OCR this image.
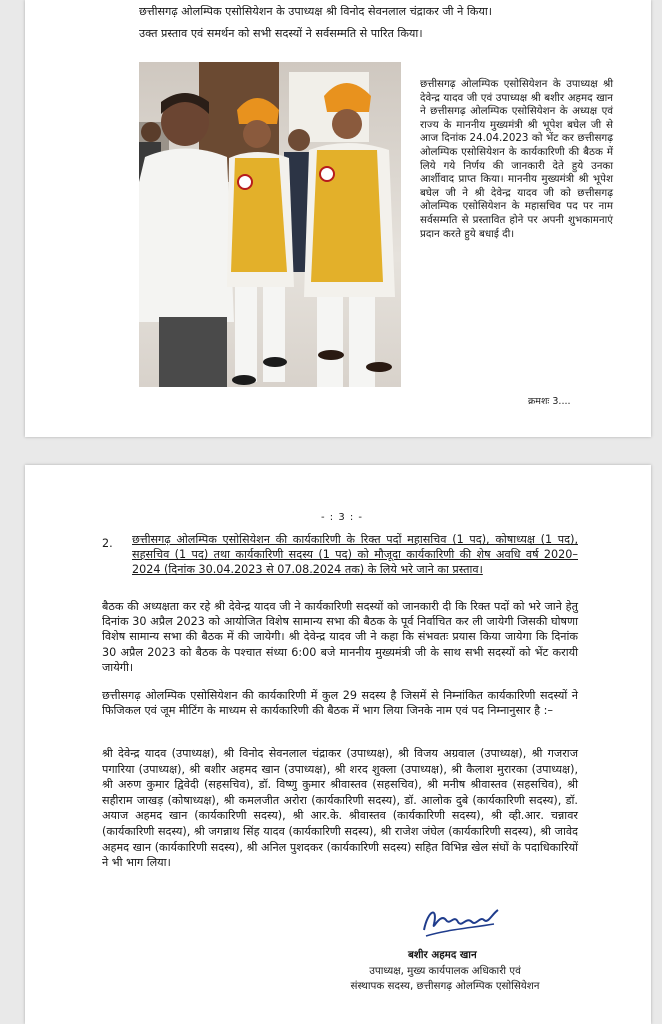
छत्तीसगढ़ ओलम्पिक एसोसियेशन के उपाध्यक्ष श्री विनोद सेवनलाल चंद्राकर जी ने किया।
उक्त प्रस्ताव एवं समर्थन को सभी सदस्यों ने सर्वसम्मति से पारित किया।
छत्तीसगढ़ ओलम्पिक एसोसियेशन के उपाध्यक्ष श्री देवेन्द्र यादव जी एवं उपाध्यक्ष श्री बशीर अहमद खान ने छत्तीसगढ़ ओलम्पिक एसोसियेशन के अध्यक्ष एवं राज्य के माननीय मुख्यमंत्री श्री भूपेश बघेल जी से आज दिनांक 24.04.2023 को भेंट कर छत्तीसगढ़ ओलम्पिक एसोसियेशन के कार्यकारिणी की बैठक में लिये गये निर्णय की जानकारी देते हुये उनका आर्शीवाद प्राप्त किया। माननीय मुख्यमंत्री श्री भूपेश बघेल जी ने श्री देवेन्द्र यादव जी को छत्तीसगढ़ ओलम्पिक एसोसियेशन के महासचिव पद पर नाम सर्वसम्मति से प्रस्तावित होने पर अपनी शुभकामनाएं प्रदान करते हुये बधाई दी।
क्रमशः 3....
- : 3 : -
2. छत्तीसगढ़ ओलम्पिक एसोसियेशन की कार्यकारिणी के रिक्त पदों महासचिव (1 पद), कोषाध्यक्ष (1 पद), सहसचिव (1 पद) तथा कार्यकारिणी सदस्य (1 पद) को मौजूदा कार्यकारिणी की शेष अवधि वर्ष 2020–2024 (दिनांक 30.04.2023 से 07.08.2024 तक) के लिये भरे जाने का प्रस्ताव।
बैठक की अध्यक्षता कर रहे श्री देवेन्द्र यादव जी ने कार्यकारिणी सदस्यों को जानकारी दी कि रिक्त पदों को भरे जाने हेतु दिनांक 30 अप्रैल 2023 को आयोजित विशेष सामान्य सभा की बैठक के पूर्व निर्वाचित कर ली जायेगी जिसकी घोषणा विशेष सामान्य सभा की बैठक में की जायेगी। श्री देवेन्द्र यादव जी ने कहा कि संभवतः प्रयास किया जायेगा कि दिनांक 30 अप्रैल 2023 को बैठक के पश्चात संध्या 6:00 बजे माननीय मुख्यमंत्री जी के साथ सभी सदस्यों को भेंट करायी जायेगी।
छत्तीसगढ़ ओलम्पिक एसोसियेशन की कार्यकारिणी में कुल 29 सदस्य है जिसमें से निम्नांकित कार्यकारिणी सदस्यों ने फिजिकल एवं जूम मीटिंग के माध्यम से कार्यकारिणी की बैठक में भाग लिया जिनके नाम एवं पद निम्नानुसार है :–
श्री देवेन्द्र यादव (उपाध्यक्ष), श्री विनोद सेवनलाल चंद्राकर (उपाध्यक्ष), श्री विजय अग्रवाल (उपाध्यक्ष), श्री गजराज पगारिया (उपाध्यक्ष), श्री बशीर अहमद खान (उपाध्यक्ष), श्री शरद शुक्ला (उपाध्यक्ष), श्री कैलाश मुरारका (उपाध्यक्ष), श्री अरुण कुमार द्विवेदी (सहसचिव), डॉ. विष्णु कुमार श्रीवास्तव (सहसचिव), श्री मनीष श्रीवास्तव (सहसचिव), श्री सहीराम जाखड़ (कोषाध्यक्ष), श्री कमलजीत अरोरा (कार्यकारिणी सदस्य), डॉ. आलोक दुबे (कार्यकारिणी सदस्य), डॉ. अयाज अहमद खान (कार्यकारिणी सदस्य), श्री आर.के. श्रीवास्तव (कार्यकारिणी सदस्य), श्री व्ही.आर. चन्नावर (कार्यकारिणी सदस्य), श्री जगन्नाथ सिंह यादव (कार्यकारिणी सदस्य), श्री राजेश जंघेल (कार्यकारिणी सदस्य), श्री जावेद अहमद खान (कार्यकारिणी सदस्य), श्री अनिल पुशदकर (कार्यकारिणी सदस्य) सहित विभिन्न खेल संघों के पदाधिकारियों ने भी भाग लिया।
बशीर अहमद खान
उपाध्यक्ष, मुख्य कार्यपालक अधिकारी एवं
संस्थापक सदस्य, छत्तीसगढ़ ओलम्पिक एसोसियेशन
